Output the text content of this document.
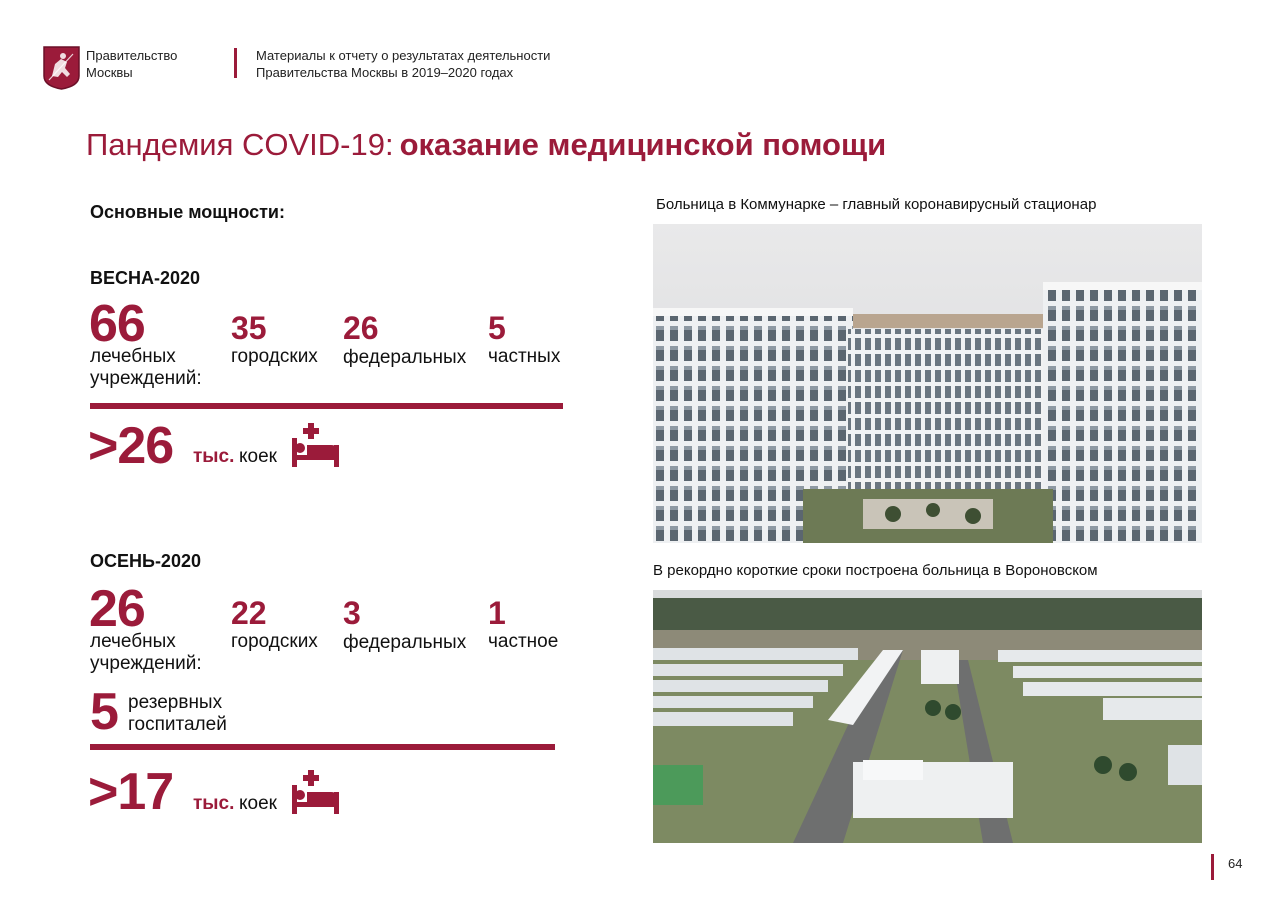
Правительство
Москвы
Материалы к отчету о результатах деятельности
Правительства Москвы в 2019–2020 годах
Пандемия COVID-19: оказание медицинской помощи
Основные мощности:
ВЕСНА-2020
66
лечебных
учреждений:
35
городских
26
федеральных
5
частных
>26 тыс. коек
ОСЕНЬ-2020
26
лечебных
учреждений:
22
городских
3
федеральных
1
частное
5 резервных
госпиталей
>17 тыс. коек
Больница в Коммунарке – главный коронавирусный стационар
В рекордно короткие сроки построена больница в Вороновском
64
